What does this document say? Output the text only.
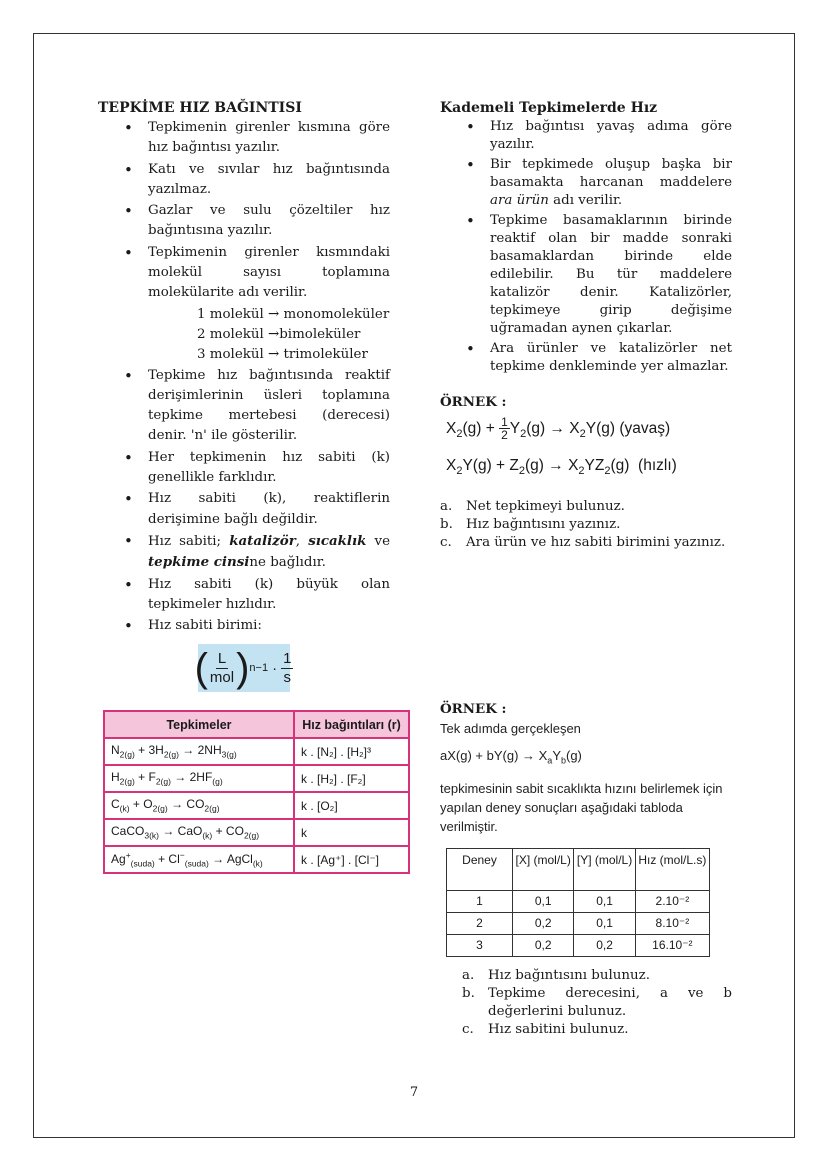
TEPKİME HIZ BAĞINTISI
• Tepkimenin girenler kısmına göre hız bağıntısı yazılır.
• Katı ve sıvılar hız bağıntısında yazılmaz.
• Gazlar ve sulu çözeltiler hız bağıntısına yazılır.
• Tepkimenin girenler kısmındaki molekül sayısı toplamına molekülarite adı verilir.
1 molekül → monomoleküler
2 molekül →bimoleküler
3 molekül → trimoleküler
• Tepkime hız bağıntısında reaktif derişimlerinin üsleri toplamına tepkime mertebesi (derecesi) denir. 'n' ile gösterilir.
• Her tepkimenin hız sabiti (k) genellikle farklıdır.
• Hız sabiti (k), reaktiflerin derişimine bağlı değildir.
• Hız sabiti; katalizör, sıcaklık ve tepkime cinsine bağlıdır.
• Hız sabiti (k) büyük olan tepkimeler hızlıdır.
• Hız sabiti birimi:
( $\frac{L}{\text{mol}}$ ) $n-1 \cdot \frac{1}{s}$
Tepkimeler	Hız bağıntıları (r)
$N_{2(g)} + 3H_{2(g)} \to 2NH_{3(g)}$	k . [N₂] . [H₂]³
$H_{2(g)} + F_{2(g)} \to 2HF_{(g)}$	k . [H₂] . [F₂]
$C_{(k)} + O_{2(g)} \to CO_{2(g)}$	k . [O₂]
CaCO$_{3(k)}$ → $CaO_{(k)} + CO_{2(g)}$	k
$Ag^+_{(suda)} + Cl^-_{(suda)}$ → AgCl$_{(k)}$	k . [Ag⁺] . [Cl⁻]
Kademeli Tepkimelerde Hız
• Hız bağıntısı yavaş adıma göre yazılır.
• Bir tepkimede oluşup başka bir basamakta harcanan maddelere ara ürün adı verilir.
• Tepkime basamaklarının birinde reaktif olan bir madde sonraki basamaklardan birinde elde edilebilir. Bu tür maddelere katalizör denir. Katalizörler, tepkimeye girip değişime uğramadan aynen çıkarlar.
• Ara ürünler ve katalizörler net tepkime denkleminde yer almazlar.
ÖRNEK :
$X_2(g) + \frac{1}{2} Y_2(g) \to X_2Y(g)$ (yavaş)
$X_2Y(g) + Z_2(g) \to X_2YZ_2(g)$  (hızlı)
a.	Net tepkimeyi bulunuz.
b. Hız bağıntısını yazınız.
c.	Ara ürün ve hız sabiti birimini yazınız.
ÖRNEK :
Tek adımda gerçekleşen
$aX(g) + bY(g) \to X_aY_b(g)$
tepkimesinin sabit sıcaklıkta hızını belirlemek için yapılan deney sonuçları aşağıdaki tabloda verilmiştir.
Deney	[X] (mol/L)	[Y] (mol/L)	Hız (mol/L.s)
1	0,1	0,1	2.10⁻²
2	0,2	0,1	8.10⁻²
3	0,2	0,2	16.10⁻²
a.	Hız bağıntısını bulunuz.
b. Tepkime derecesini, a ve b değerlerini bulunuz.
c.	Hız sabitini bulunuz.
7
